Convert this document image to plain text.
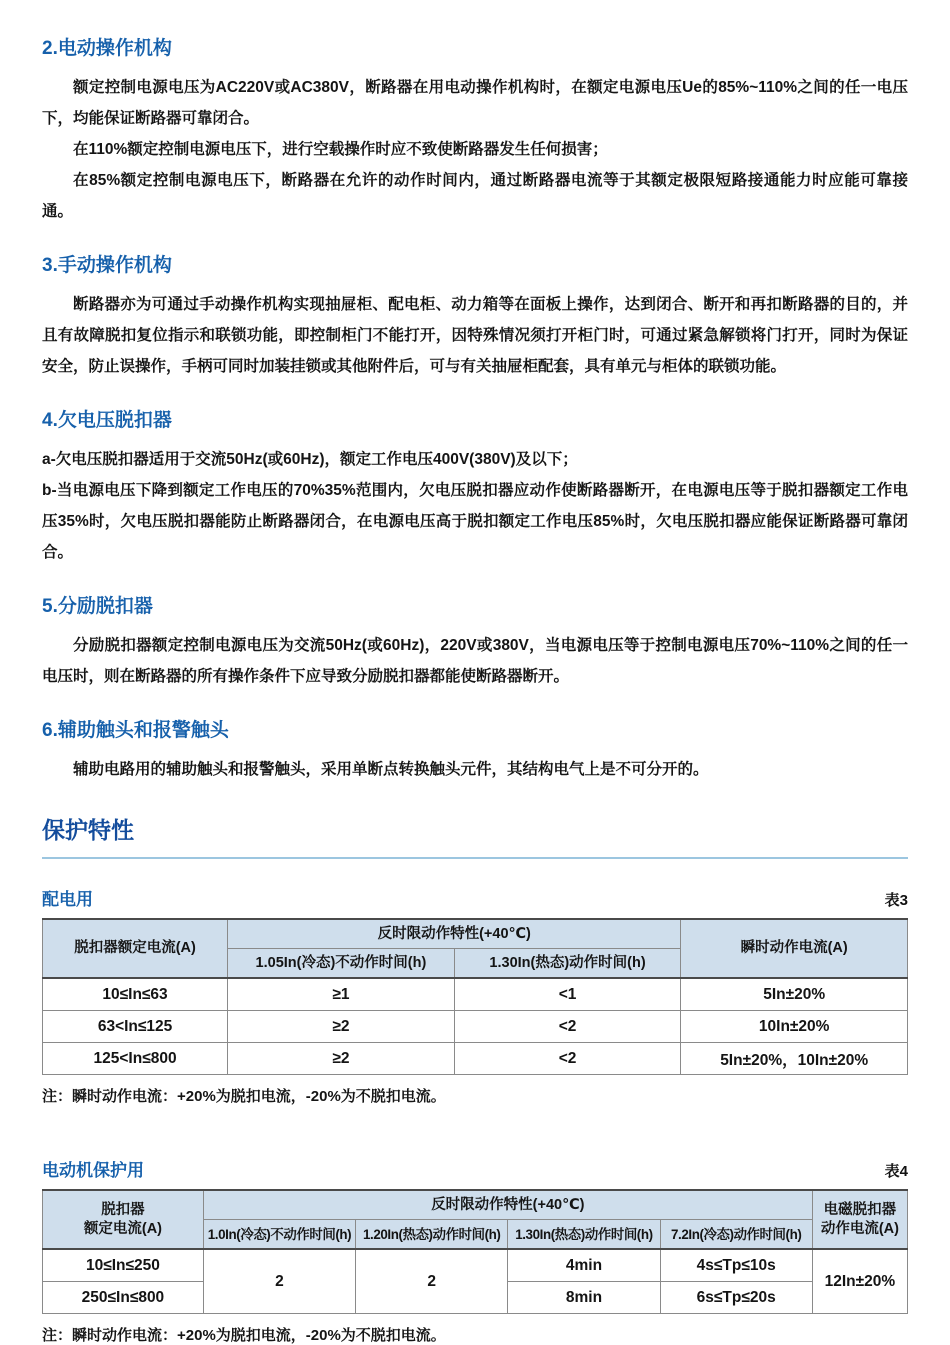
2.电动操作机构

额定控制电源电压为AC220V或AC380V，断路器在用电动操作机构时，在额定电源电压Ue的85%~110%之间的任一电压下，均能保证断路器可靠闭合。

在110%额定控制电源电压下，进行空载操作时应不致使断路器发生任何损害；

在85%额定控制电源电压下，断路器在允许的动作时间内，通过断路器电流等于其额定极限短路接通能力时应能可靠接通。

3.手动操作机构

断路器亦为可通过手动操作机构实现抽屉柜、配电柜、动力箱等在面板上操作，达到闭合、断开和再扣断路器的目的，并且有故障脱扣复位指示和联锁功能，即控制柜门不能打开，因特殊情况须打开柜门时，可通过紧急解锁将门打开，同时为保证安全，防止误操作，手柄可同时加装挂锁或其他附件后，可与有关抽屉柜配套，具有单元与柜体的联锁功能。

4.欠电压脱扣器

a-欠电压脱扣器适用于交流50Hz(或60Hz)，额定工作电压400V(380V)及以下；

b-当电源电压下降到额定工作电压的70%35%范围内，欠电压脱扣器应动作使断路器断开，在电源电压等于脱扣器额定工作电压35%时，欠电压脱扣器能防止断路器闭合，在电源电压高于脱扣额定工作电压85%时，欠电压脱扣器应能保证断路器可靠闭合。

5.分励脱扣器

分励脱扣器额定控制电源电压为交流50Hz(或60Hz)，220V或380V，当电源电压等于控制电源电压70%~110%之间的任一电压时，则在断路器的所有操作条件下应导致分励脱扣器都能使断路器断开。

6.辅助触头和报警触头

辅助电路用的辅助触头和报警触头，采用单断点转换触头元件，其结构电气上是不可分开的。

保护特性
配电用	表3
脱扣器额定电流(A)	反时限动作特性(+40℃)		瞬时动作电流(A)
	1.05In(冷态)不动作时间(h)	1.30In(热态)动作时间(h)	
10≤In≤63	≥1	<1	5In±20%
63<In≤125	≥2	<2	10In±20%
125<In≤800	≥2	<2	5In±20%，10In±20%

注：瞬时动作电流：+20%为脱扣电流，-20%为不脱扣电流。

电动机保护用	表4
脱扣器
额定电流(A)	反时限动作特性(+40℃)				电磁脱扣器
动作电流(A)
	1.0In(冷态)不动作时间(h)	1.20In(热态)动作时间(h)	1.30In(热态)动作时间(h)	7.2In(冷态)动作时间(h)	
10≤In≤250	2	2	4min	4s≤Tp≤10s	12In±20%
250≤In≤800			8min	6s≤Tp≤20s	

注：瞬时动作电流：+20%为脱扣电流，-20%为不脱扣电流。
